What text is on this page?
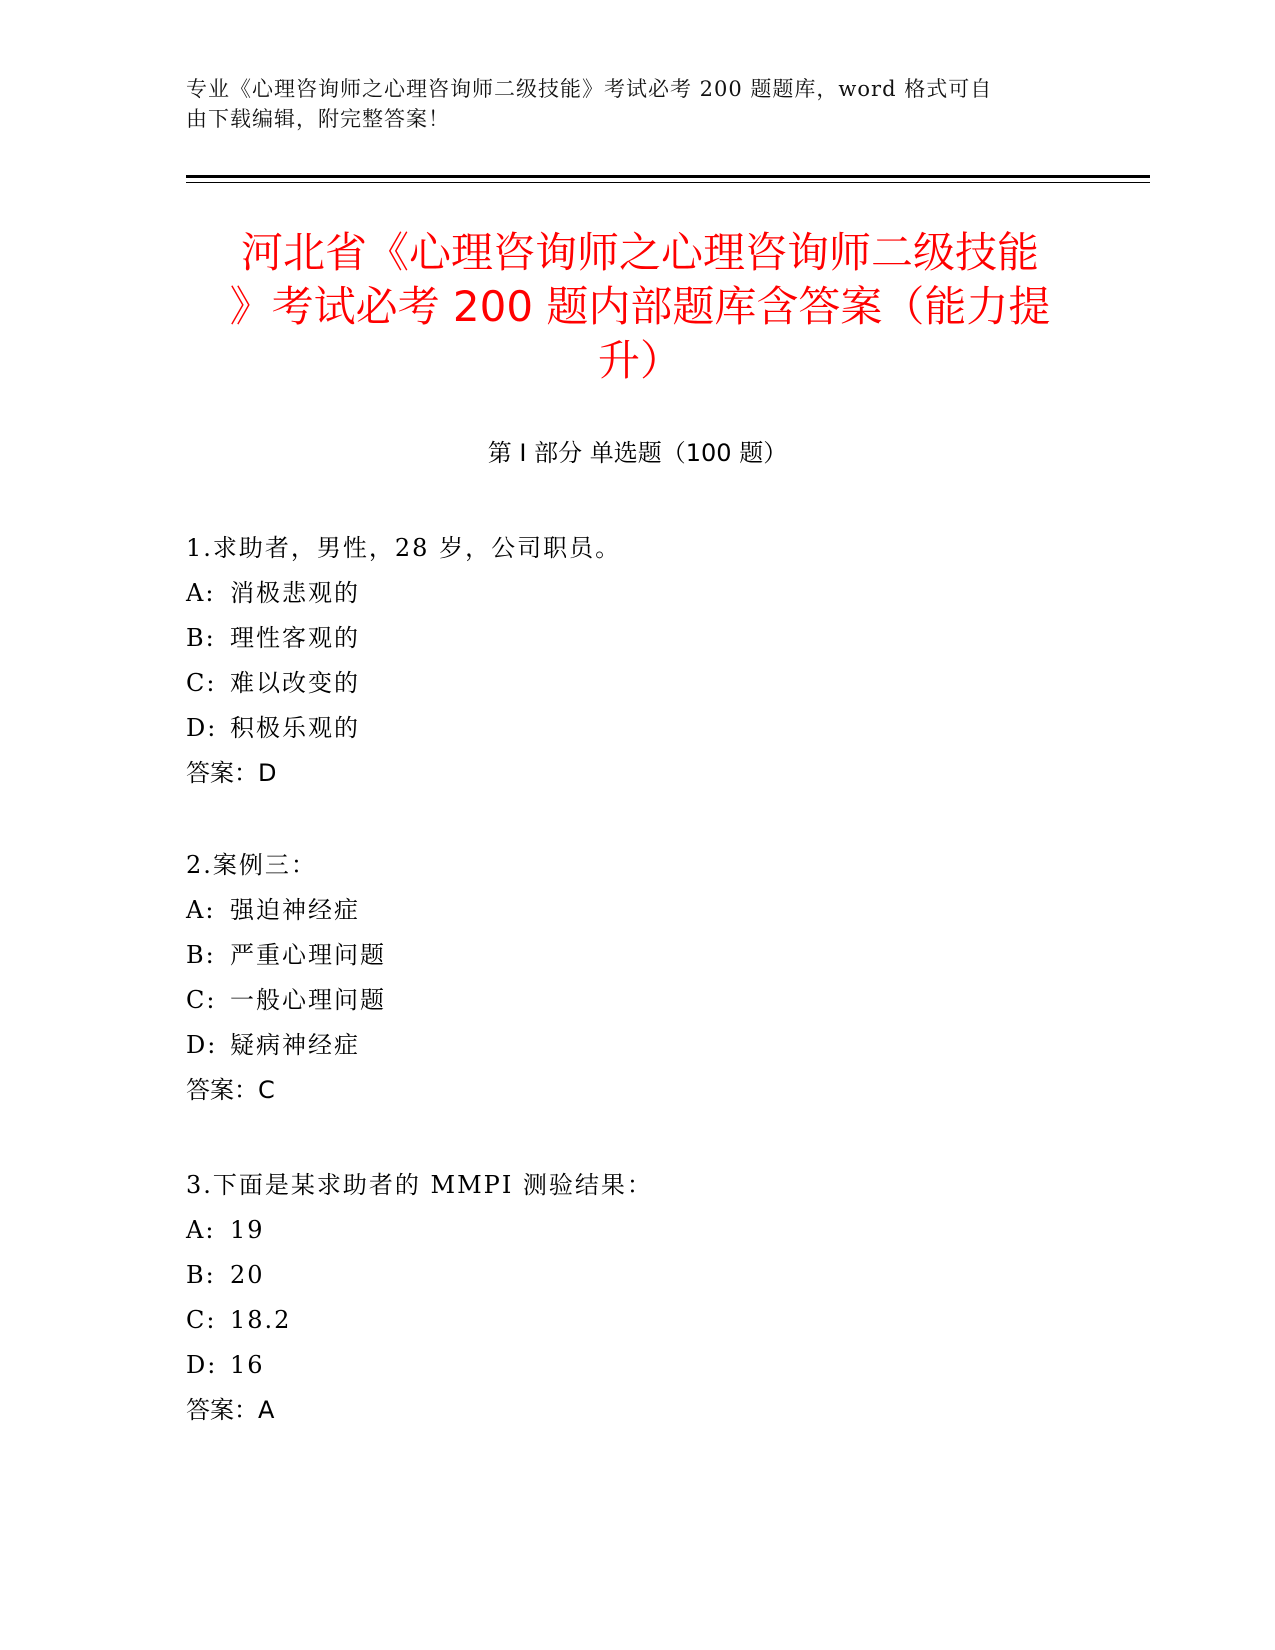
专业《心理咨询师之心理咨询师二级技能》考试必考 200 题题库，word 格式可自
由下载编辑，附完整答案！
河北省《心理咨询师之心理咨询师二级技能
》考试必考 200 题内部题库含答案（能力提
升）
第 I 部分 单选题（100 题）
1.求助者，男性，28 岁，公司职员。
A: 消极悲观的
B: 理性客观的
C: 难以改变的
D: 积极乐观的
答案：D
2.案例三：
A: 强迫神经症
B: 严重心理问题
C: 一般心理问题
D: 疑病神经症
答案：C
3.下面是某求助者的 MMPI 测验结果：
A: 19
B: 20
C: 18.2
D: 16
答案：A
